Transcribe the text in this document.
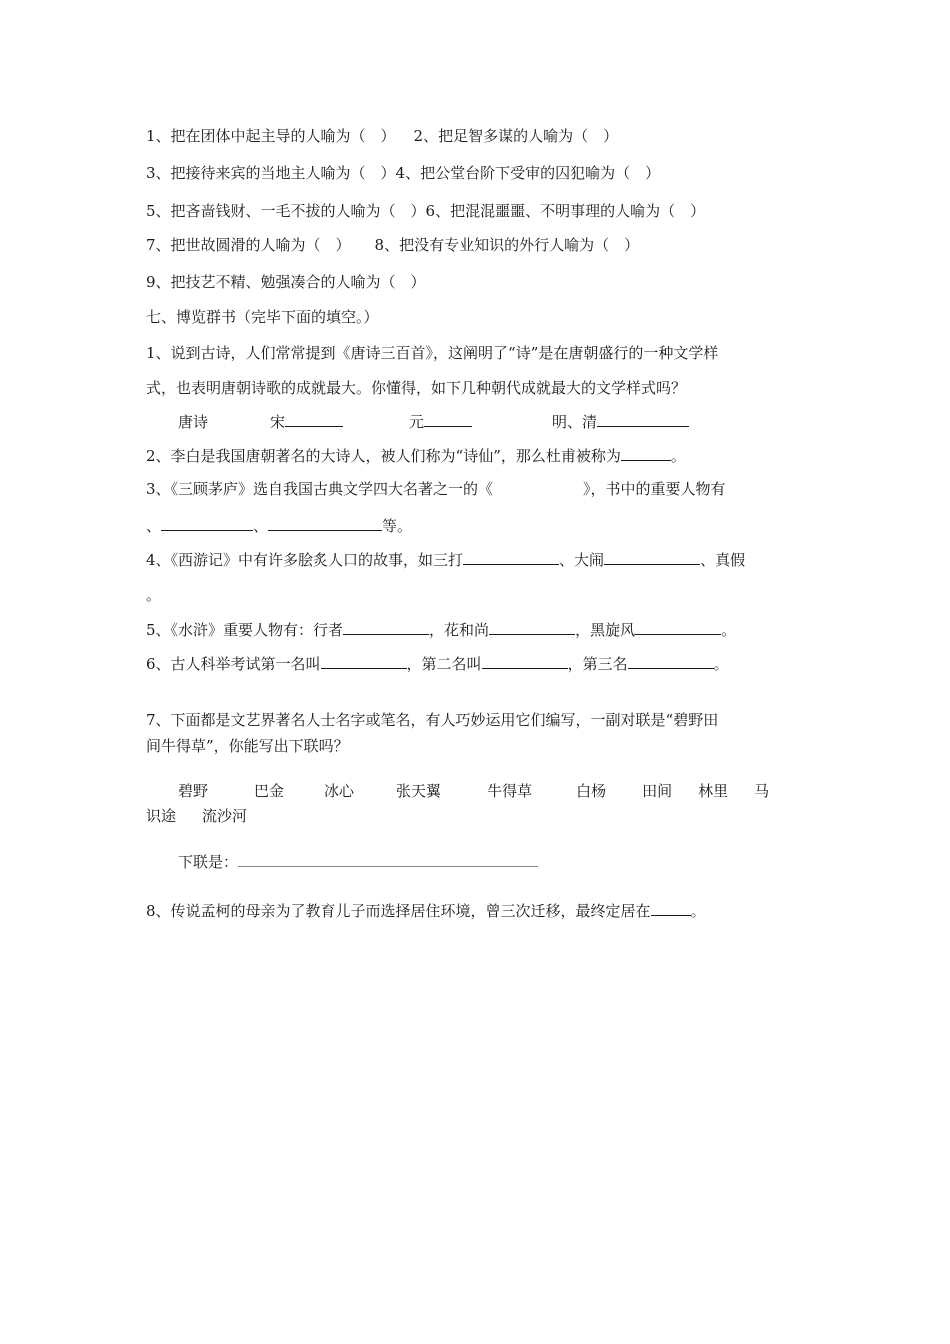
1、把在团体中起主导的人喻为（　） 2、把足智多谋的人喻为（　）
3、把接待来宾的当地主人喻为（　）4、把公堂台阶下受审的囚犯喻为（　）
5、把吝啬钱财、一毛不拔的人喻为（　）6、把混混噩噩、不明事理的人喻为（　）
7、把世故圆滑的人喻为（　） 8、把没有专业知识的外行人喻为（　）
9、把技艺不精、勉强凑合的人喻为（　）
七、博览群书（完毕下面的填空。）
1、说到古诗，人们常常提到《唐诗三百首》，这阐明了“诗”是在唐朝盛行的一种文学样
式，也表明唐朝诗歌的成就最大。你懂得，如下几种朝代成就最大的文学样式吗？
唐诗	宋	元	明、清
2、李白是我国唐朝著名的大诗人，被人们称为“诗仙”，那么杜甫被称为	。
3、《三顾茅庐》选自我国古典文学四大名著之一的《	》，书中的重要人物有
、	、	等。
4、《西游记》中有许多脍炙人口的故事，如三打	、大闹	、真假
。
5、《水浒》重要人物有：行者	，花和尚	，黑旋风	。
6、古人科举考试第一名叫	，第二名叫	，第三名	。
7、下面都是文艺界著名人士名字或笔名，有人巧妙运用它们编写，一副对联是“碧野田
间牛得草”，你能写出下联吗？
碧野	巴金	冰心	张天翼	牛得草	白杨 田间 林里 马
识途 流沙河
下联是：
8、传说孟柯的母亲为了教育儿子而选择居住环境，曾三次迁移，最终定居在	。
